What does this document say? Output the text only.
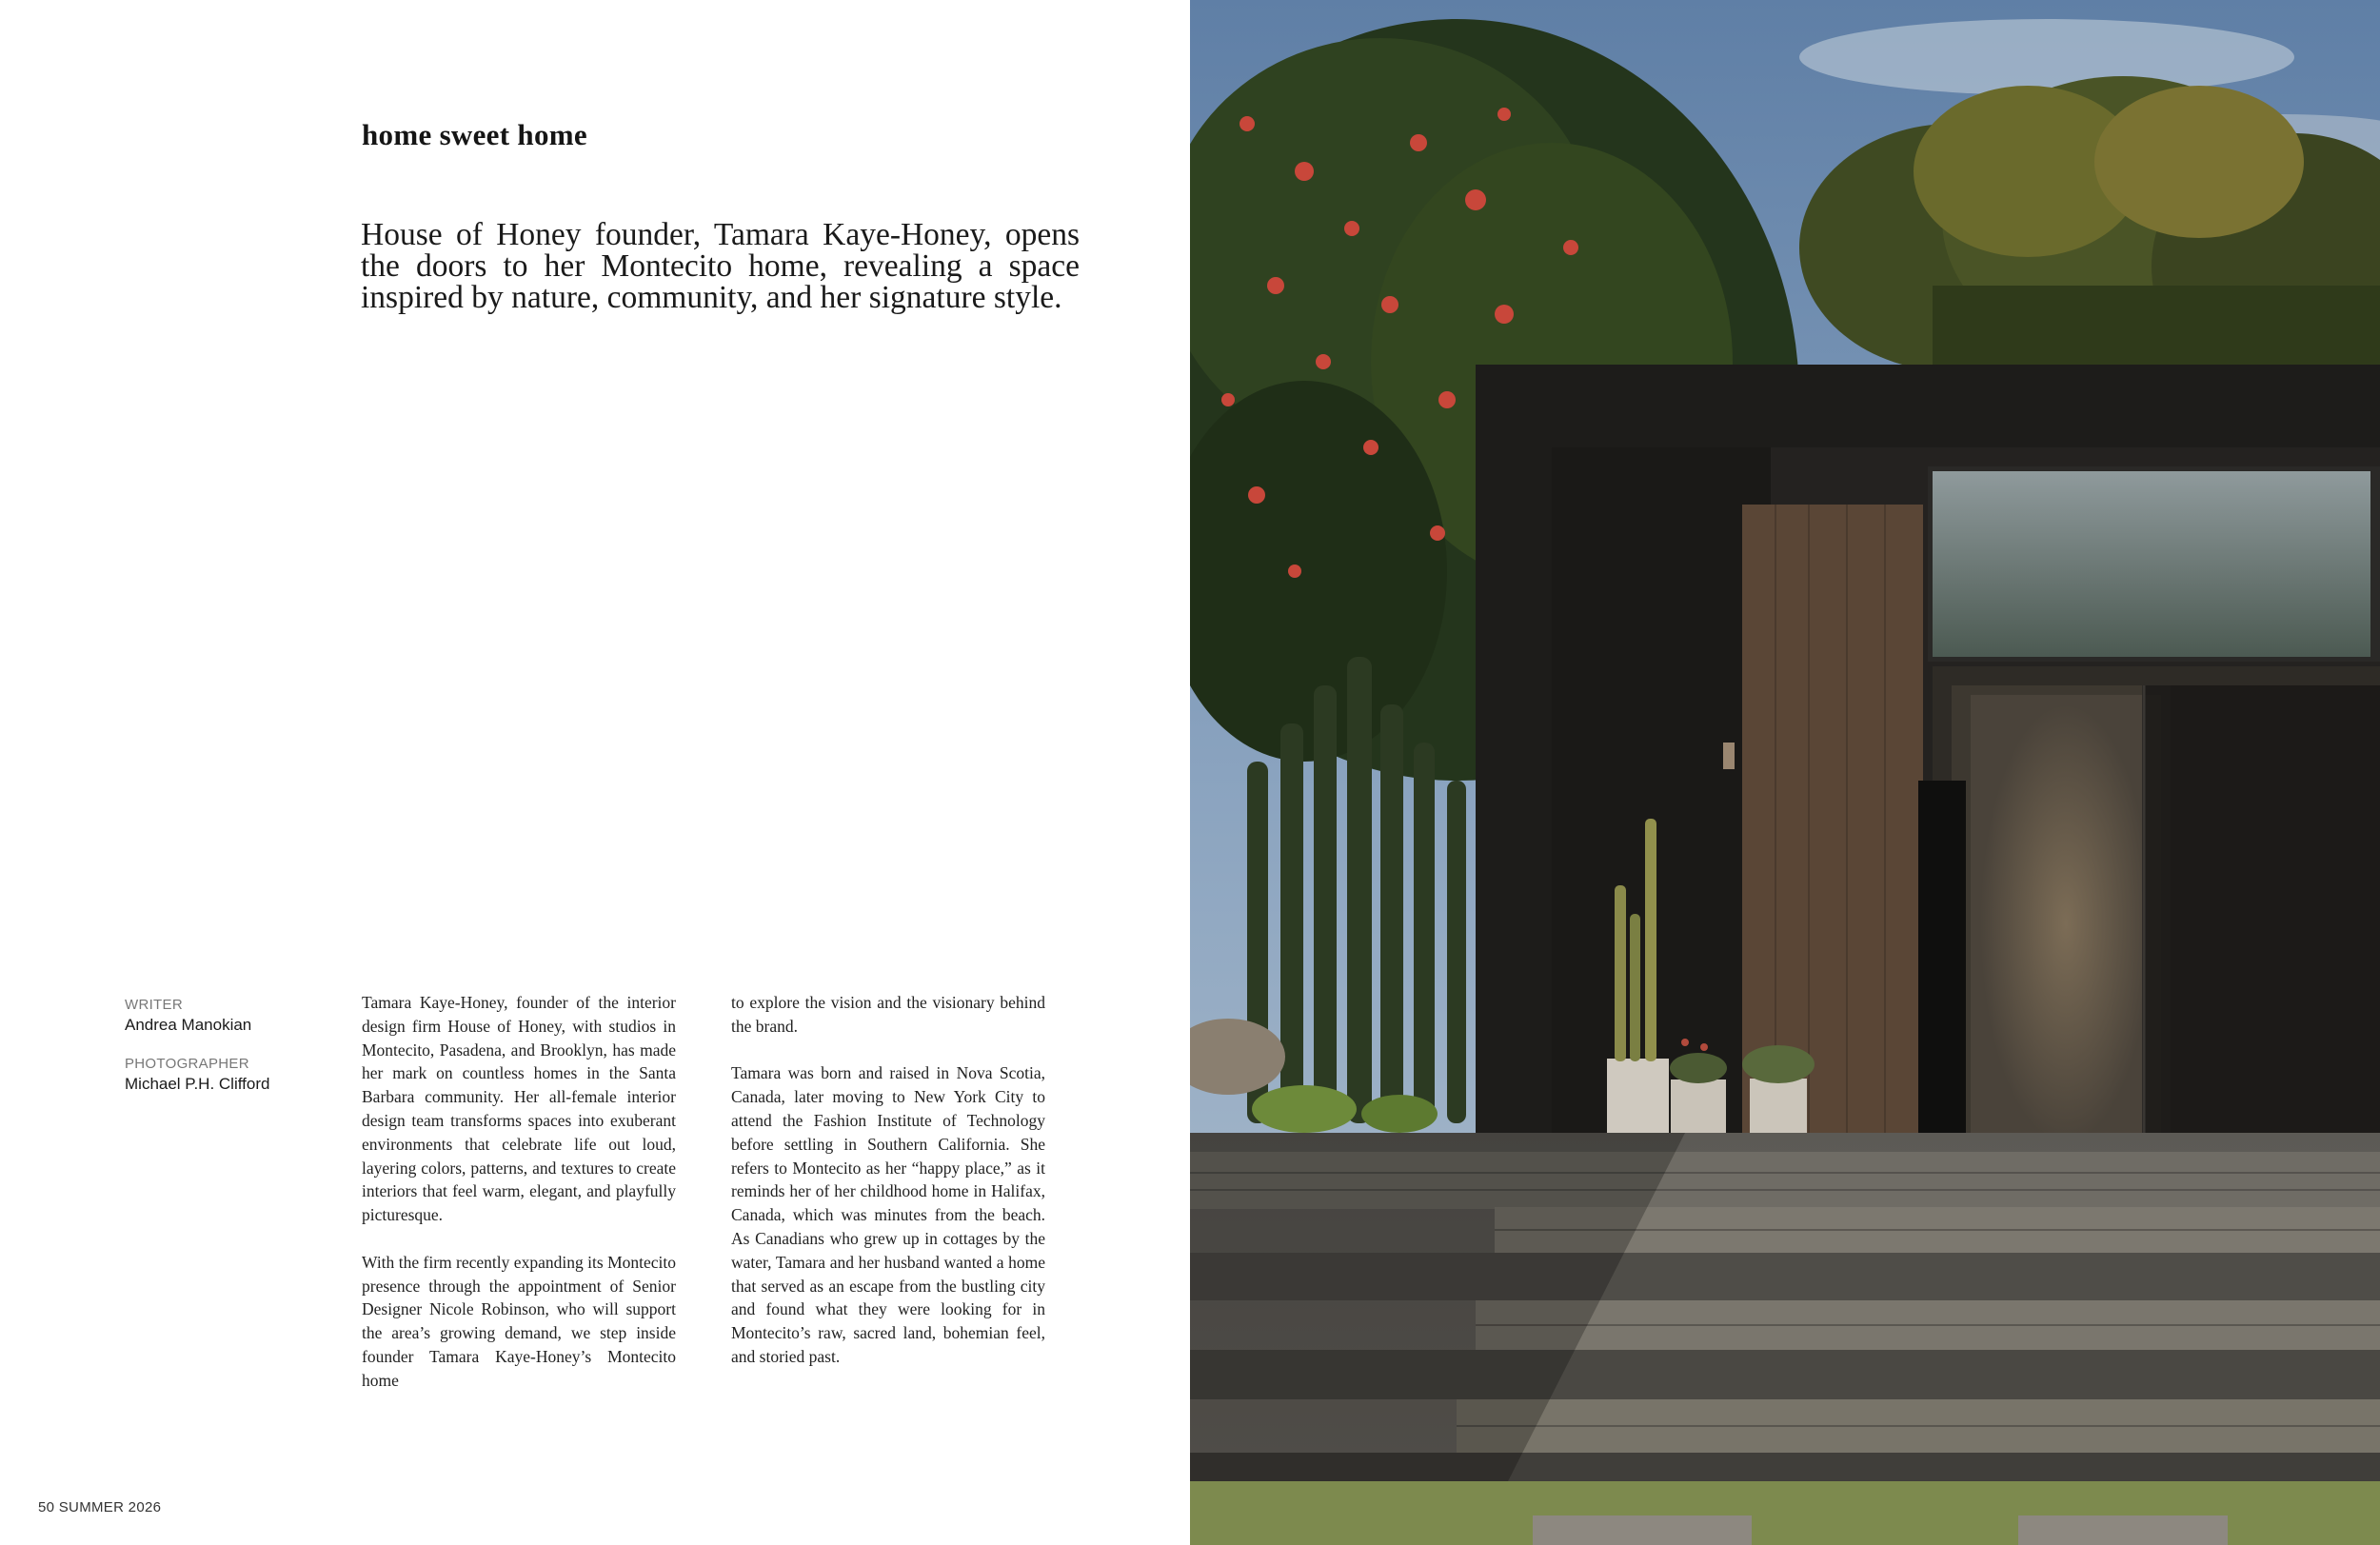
home sweet home

House of Honey founder, Tamara Kaye-Honey, opens the doors to her Montecito home, revealing a space inspired by nature, community, and her signature style.

WRITER
Andrea Manokian
PHOTOGRAPHER
Michael P.H. Clifford

Tamara Kaye-Honey, founder of the interior design firm House of Honey, with studios in Montecito, Pasadena, and Brooklyn, has made her mark on countless homes in the Santa Barbara community. Her all-female interior design team transforms spaces into exuberant environments that celebrate life out loud, layering colors, patterns, and textures to create interiors that feel warm, elegant, and playfully picturesque.

With the firm recently expanding its Montecito presence through the appointment of Senior Designer Nicole Robinson, who will support the area’s growing demand, we step inside founder Tamara Kaye-Honey’s Montecito home

to explore the vision and the visionary behind the brand.

Tamara was born and raised in Nova Scotia, Canada, later moving to New York City to attend the Fashion Institute of Technology before settling in Southern California. She refers to Montecito as her “happy place,” as it reminds her of her childhood home in Halifax, Canada, which was minutes from the beach. As Canadians who grew up in cottages by the water, Tamara and her husband wanted a home that served as an escape from the bustling city and found what they were looking for in Montecito’s raw, sacred land, bohemian feel, and storied past.

50 SUMMER 2026
